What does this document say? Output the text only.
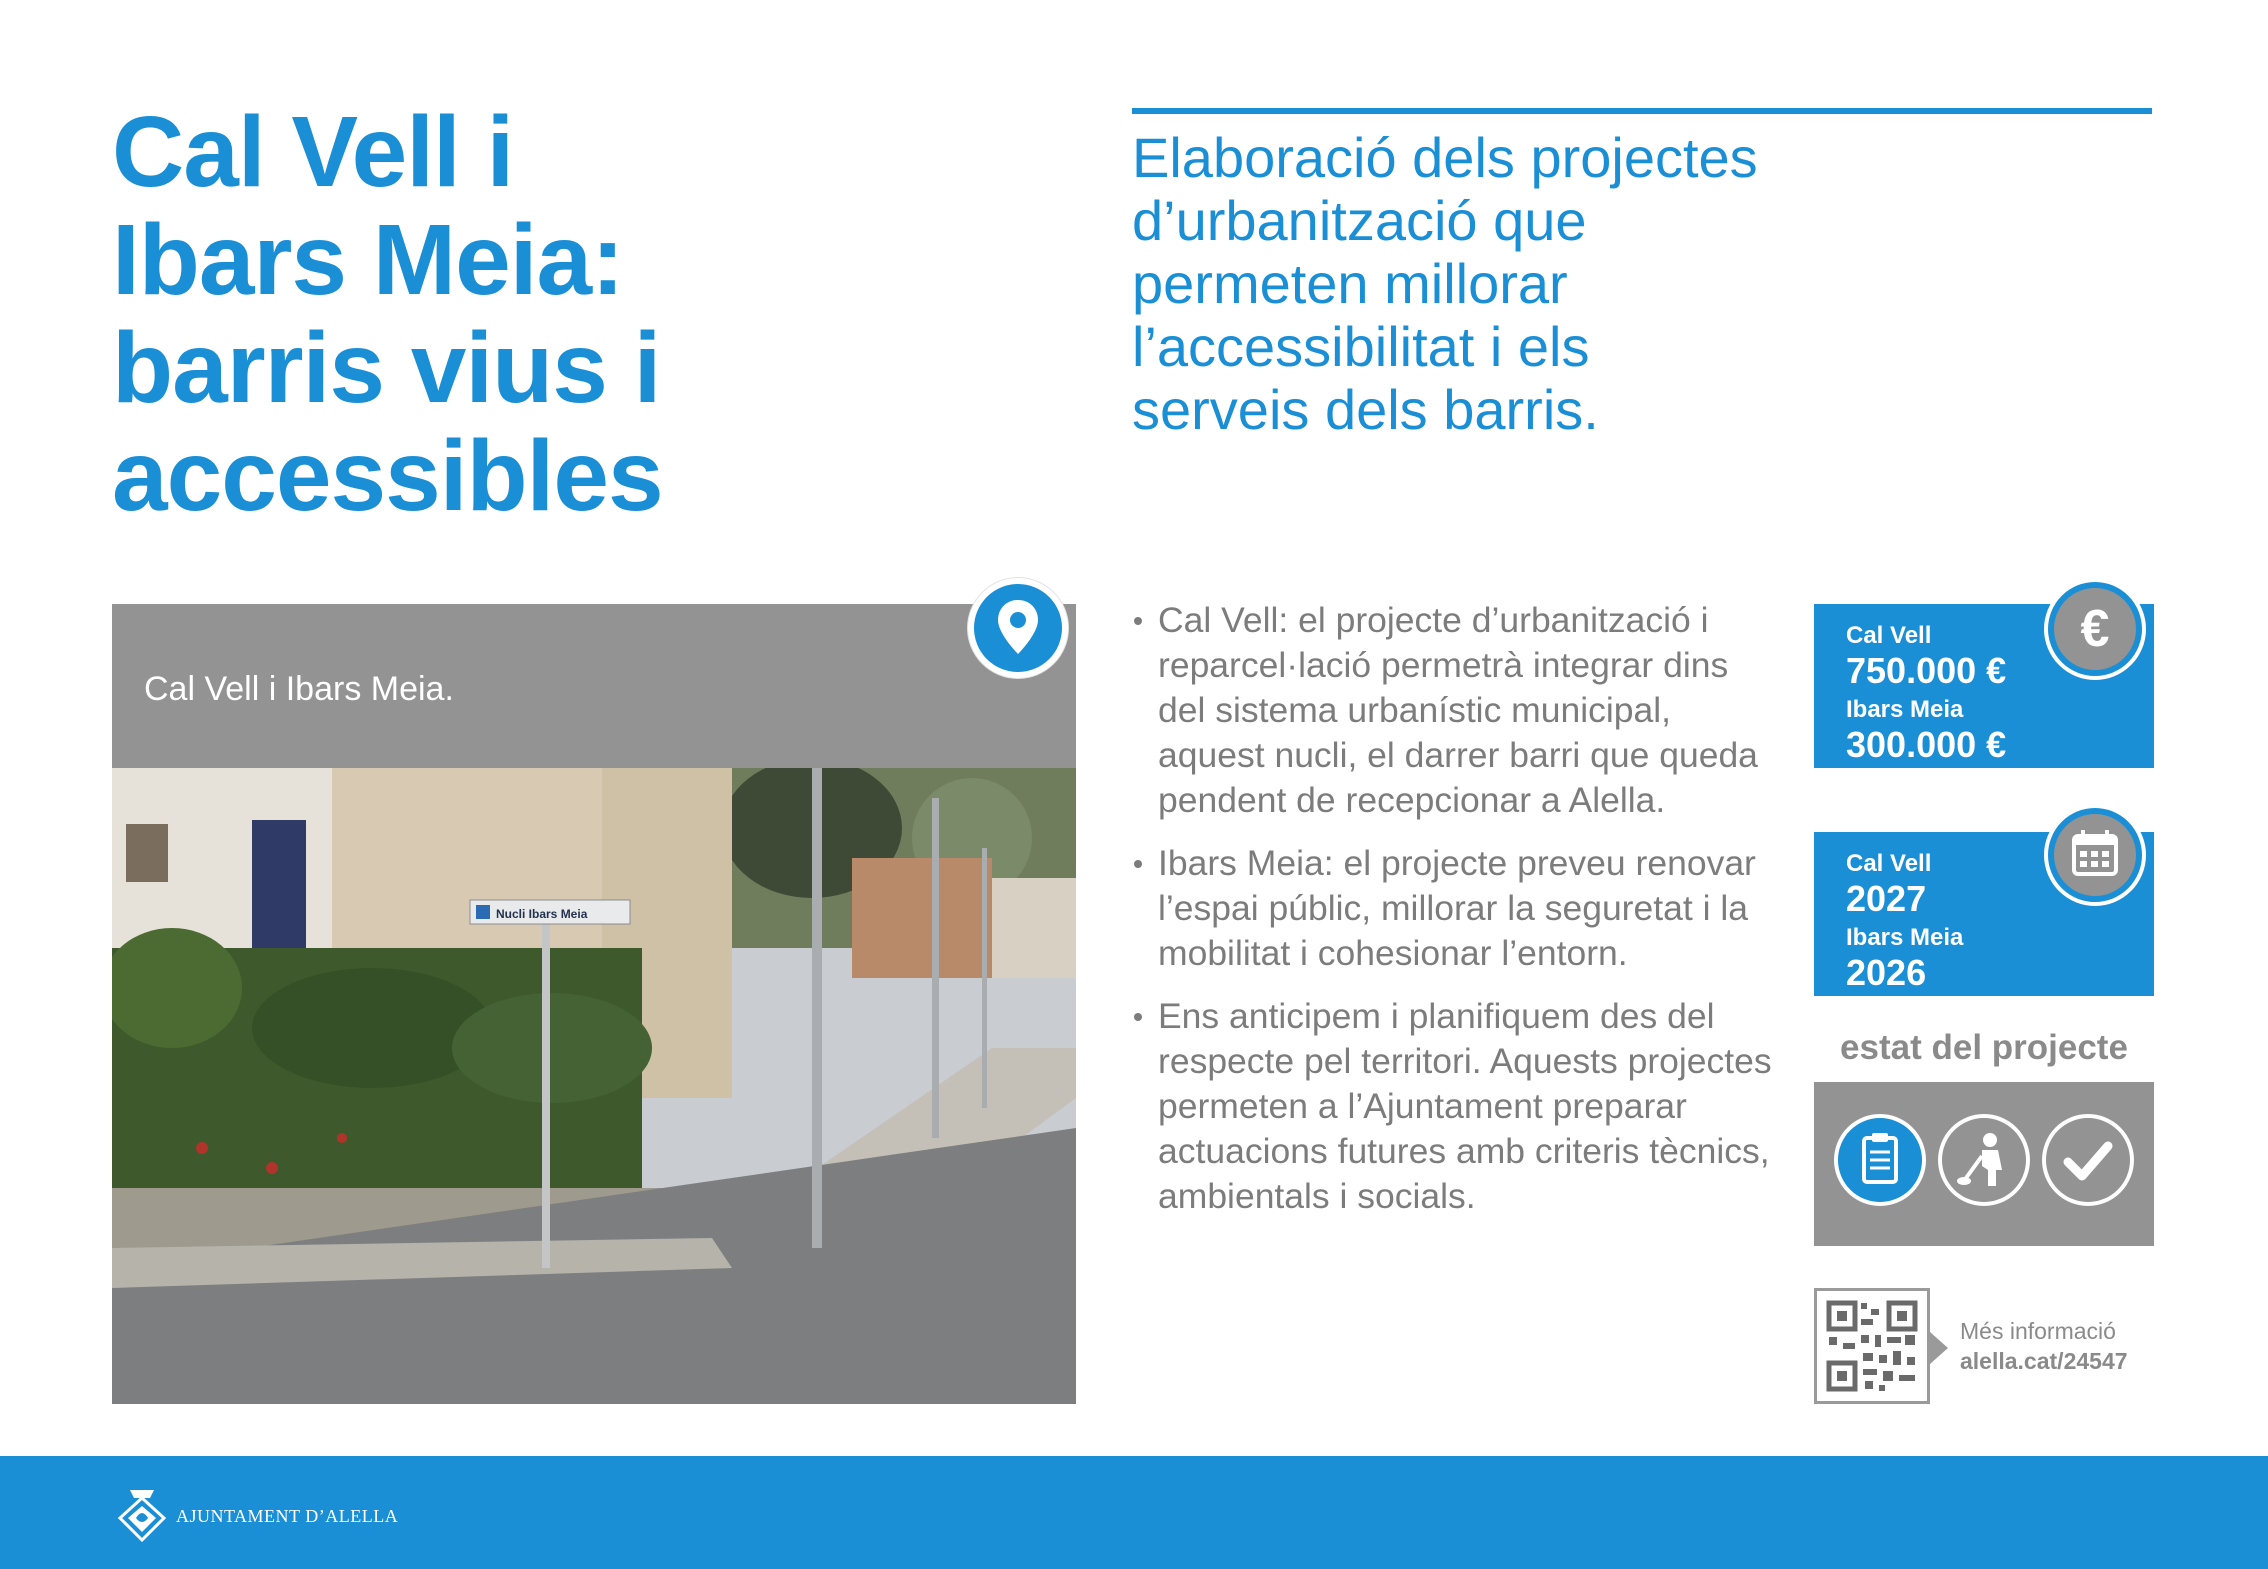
Cal Vell i
Ibars Meia:
barris vius i
accessibles
Elaboració dels projectes
d’urbanització que
permeten millorar
l’accessibilitat i els
serveis dels barris.
Cal Vell i Ibars Meia.
Nucli Ibars Meia
Cal Vell: el projecte d’urbanització i reparcel·lació permetrà integrar dins del sistema urbanístic municipal, aquest nucli, el darrer barri que queda pendent de recepcionar a Alella.
Ibars Meia: el projecte preveu renovar l’espai públic, millorar la seguretat i la mobilitat i cohesionar l’entorn.
Ens anticipem i planifiquem des del respecte pel territori. Aquests projectes permeten a l’Ajuntament preparar actuacions futures amb criteris tècnics, ambientals i socials.
Cal Vell
750.000 €
Ibars Meia
300.000 €
€
Cal Vell
2027
Ibars Meia
2026
estat del projecte
Més informació
alella.cat/24547
AJUNTAMENT D’ALELLA
